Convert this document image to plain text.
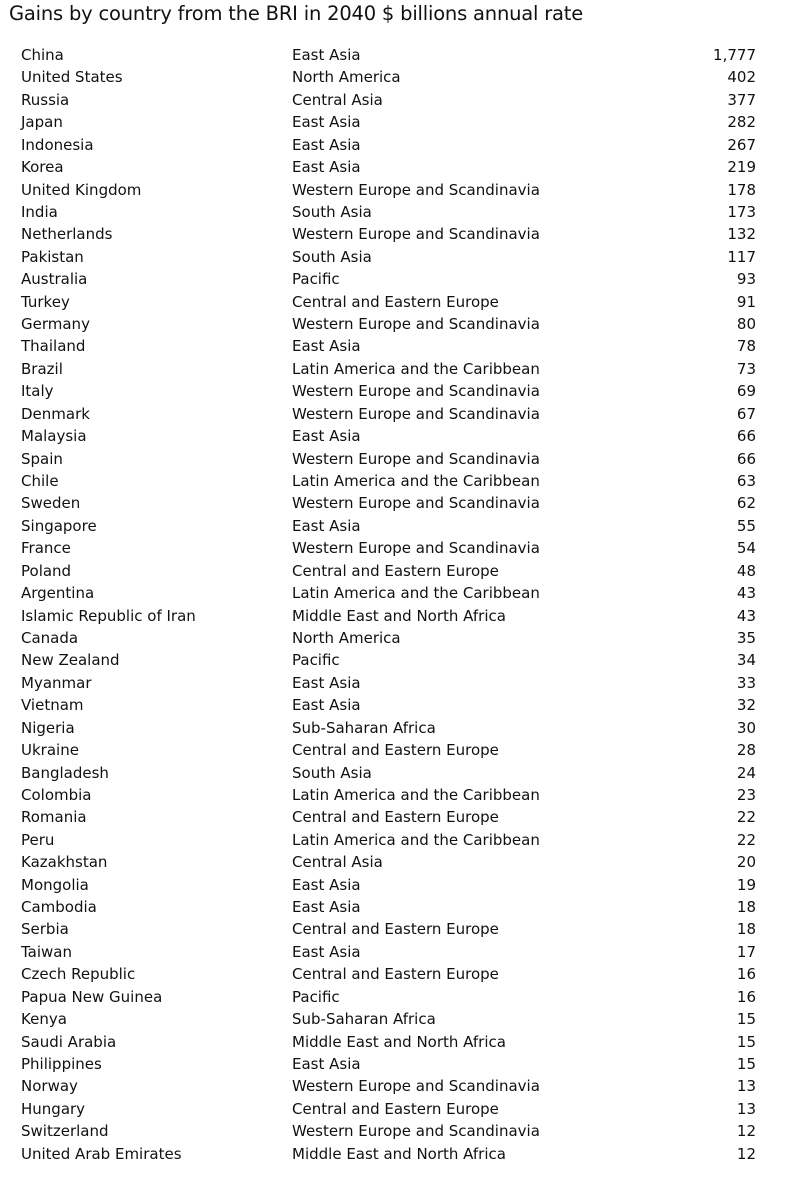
Gains by country from the BRI in 2040 $ billions annual rate
China	East Asia	1,777
United States	North America	402
Russia	Central Asia	377
Japan	East Asia	282
Indonesia	East Asia	267
Korea	East Asia	219
United Kingdom	Western Europe and Scandinavia	178
India	South Asia	173
Netherlands	Western Europe and Scandinavia	132
Pakistan	South Asia	117
Australia	Pacific	93
Turkey	Central and Eastern Europe	91
Germany	Western Europe and Scandinavia	80
Thailand	East Asia	78
Brazil	Latin America and the Caribbean	73
Italy	Western Europe and Scandinavia	69
Denmark	Western Europe and Scandinavia	67
Malaysia	East Asia	66
Spain	Western Europe and Scandinavia	66
Chile	Latin America and the Caribbean	63
Sweden	Western Europe and Scandinavia	62
Singapore	East Asia	55
France	Western Europe and Scandinavia	54
Poland	Central and Eastern Europe	48
Argentina	Latin America and the Caribbean	43
Islamic Republic of Iran	Middle East and North Africa	43
Canada	North America	35
New Zealand	Pacific	34
Myanmar	East Asia	33
Vietnam	East Asia	32
Nigeria	Sub-Saharan Africa	30
Ukraine	Central and Eastern Europe	28
Bangladesh	South Asia	24
Colombia	Latin America and the Caribbean	23
Romania	Central and Eastern Europe	22
Peru	Latin America and the Caribbean	22
Kazakhstan	Central Asia	20
Mongolia	East Asia	19
Cambodia	East Asia	18
Serbia	Central and Eastern Europe	18
Taiwan	East Asia	17
Czech Republic	Central and Eastern Europe	16
Papua New Guinea	Pacific	16
Kenya	Sub-Saharan Africa	15
Saudi Arabia	Middle East and North Africa	15
Philippines	East Asia	15
Norway	Western Europe and Scandinavia	13
Hungary	Central and Eastern Europe	13
Switzerland	Western Europe and Scandinavia	12
United Arab Emirates	Middle East and North Africa	12
